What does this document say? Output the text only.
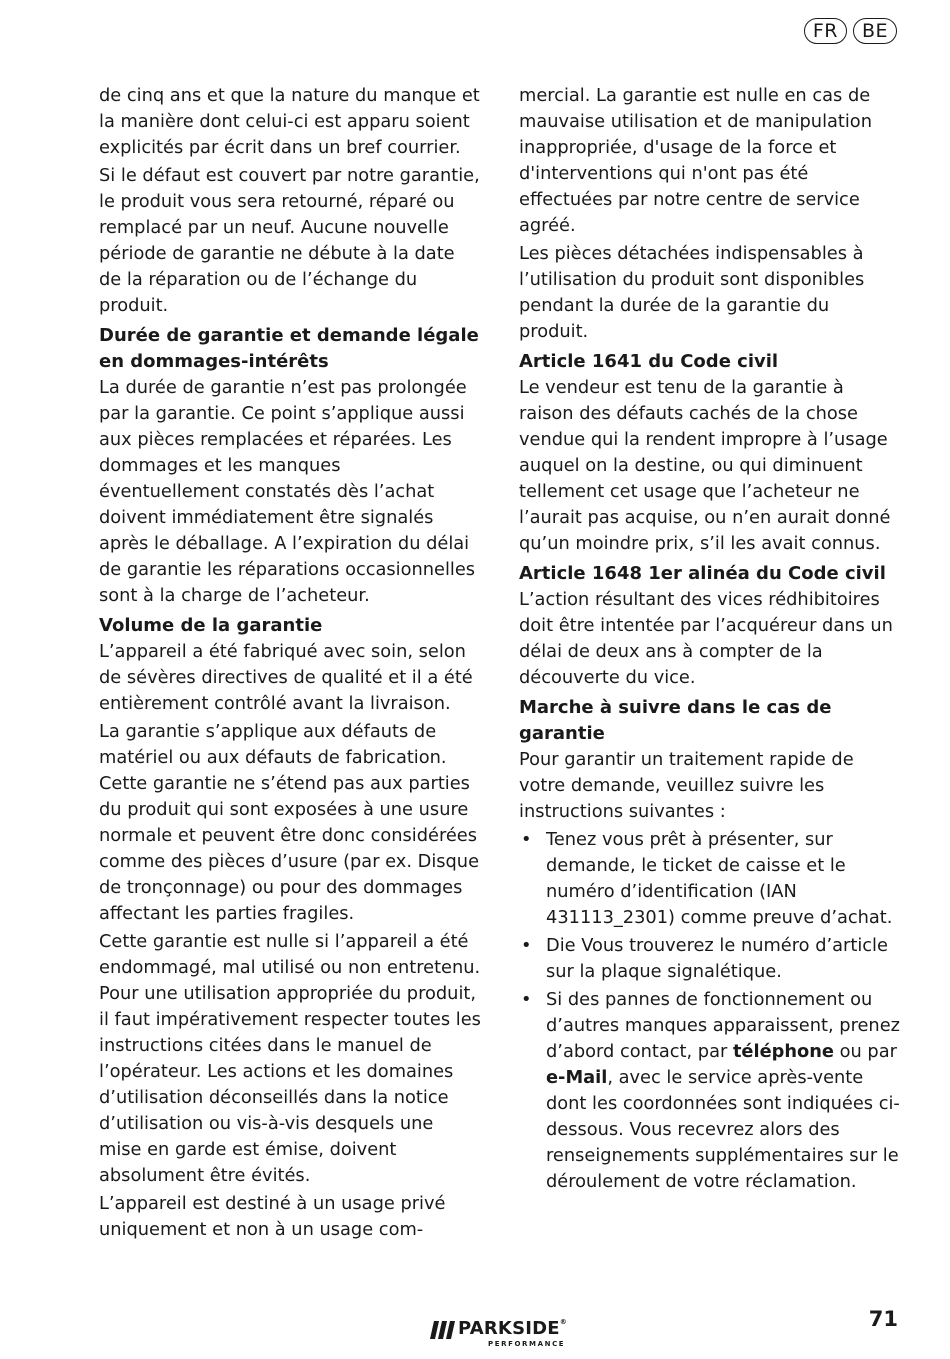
FR	BE

de cinq ans et que la nature du manque et la manière dont celui-ci est apparu soient explicités par écrit dans un bref courrier.

Si le défaut est couvert par notre garantie, le produit vous sera retourné, réparé ou remplacé par un neuf. Aucune nouvelle période de garantie ne débute à la date de la réparation ou de l’échange du produit.

Durée de garantie et demande légale en dommages-intérêts

La durée de garantie n’est pas prolongée par la garantie. Ce point s’applique aussi aux pièces remplacées et réparées. Les dommages et les manques éventuellement constatés dès l’achat doivent immédiatement être signalés après le déballage. A l’expiration du délai de garantie les réparations occasionnelles sont à la charge de l’acheteur.

Volume de la garantie

L’appareil a été fabriqué avec soin, selon de sévères directives de qualité et il a été entièrement contrôlé avant la livraison.

La garantie s’applique aux défauts de matériel ou aux défauts de fabrication. Cette garantie ne s’étend pas aux parties du produit qui sont exposées à une usure normale et peuvent être donc considérées comme des pièces d’usure (par ex. Disque de tronçonnage) ou pour des dommages affectant les parties fragiles.

Cette garantie est nulle si l’appareil a été endommagé, mal utilisé ou non entretenu. Pour une utilisation appropriée du produit, il faut impérativement respecter toutes les instructions citées dans le manuel de l’opérateur. Les actions et les domaines d’utilisation déconseillés dans la notice d’utilisation ou vis-à-vis desquels une mise en garde est émise, doivent absolument être évités.

L’appareil est destiné à un usage privé uniquement et non à un usage com-

mercial. La garantie est nulle en cas de mauvaise utilisation et de manipulation inappropriée, d'usage de la force et d'interventions qui n'ont pas été effectuées par notre centre de service agréé.

Les pièces détachées indispensables à l’utilisation du produit sont disponibles pendant la durée de la garantie du produit.

Article 1641 du Code civil

Le vendeur est tenu de la garantie à raison des défauts cachés de la chose vendue qui la rendent impropre à l’usage auquel on la destine, ou qui diminuent tellement cet usage que l’acheteur ne l’aurait pas acquise, ou n’en aurait donné qu’un moindre prix, s’il les avait connus.

Article 1648 1er alinéa du Code civil

L’action résultant des vices rédhibitoires doit être intentée par l’acquéreur dans un délai de deux ans à compter de la découverte du vice.

Marche à suivre dans le cas de garantie

Pour garantir un traitement rapide de votre demande, veuillez suivre les instructions suivantes :

• Tenez vous prêt à présenter, sur demande, le ticket de caisse et le numéro d’identification (IAN 431113_2301) comme preuve d’achat.
• Die Vous trouverez le numéro d’article sur la plaque signalétique.
• Si des pannes de fonctionnement ou d’autres manques apparaissent, prenez d’abord contact, par téléphone ou par e-Mail, avec le service après-vente dont les coordonnées sont indiquées ci-dessous. Vous recevrez alors des renseignements supplémentaires sur le déroulement de votre réclamation.
PARKSIDE®
PERFORMANCE
71
